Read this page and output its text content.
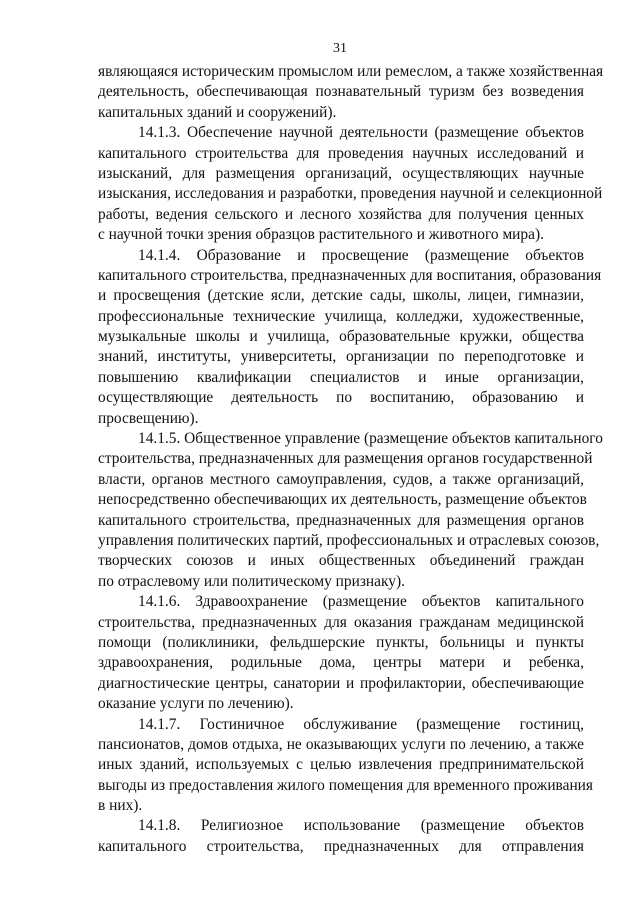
31
являющаяся историческим промыслом или ремеслом, а также хозяйственная
деятельность, обеспечивающая познавательный туризм без возведения
капитальных зданий и сооружений).
14.1.3. Обеспечение научной деятельности (размещение объектов
капитального строительства для проведения научных исследований и
изысканий, для размещения организаций, осуществляющих научные
изыскания, исследования и разработки, проведения научной и селекционной
работы, ведения сельского и лесного хозяйства для получения ценных
с научной точки зрения образцов растительного и животного мира).
14.1.4. Образование и просвещение (размещение объектов
капитального строительства, предназначенных для воспитания, образования
и просвещения (детские ясли, детские сады, школы, лицеи, гимназии,
профессиональные технические училища, колледжи, художественные,
музыкальные школы и училища, образовательные кружки, общества
знаний, институты, университеты, организации по переподготовке и
повышению квалификации специалистов и иные организации,
осуществляющие деятельность по воспитанию, образованию и
просвещению).
14.1.5. Общественное управление (размещение объектов капитального
строительства, предназначенных для размещения органов государственной
власти, органов местного самоуправления, судов, а также организаций,
непосредственно обеспечивающих их деятельность, размещение объектов
капитального строительства, предназначенных для размещения органов
управления политических партий, профессиональных и отраслевых союзов,
творческих союзов и иных общественных объединений граждан
по отраслевому или политическому признаку).
14.1.6. Здравоохранение (размещение объектов капитального
строительства, предназначенных для оказания гражданам медицинской
помощи (поликлиники, фельдшерские пункты, больницы и пункты
здравоохранения, родильные дома, центры матери и ребенка,
диагностические центры, санатории и профилактории, обеспечивающие
оказание услуги по лечению).
14.1.7. Гостиничное обслуживание (размещение гостиниц,
пансионатов, домов отдыха, не оказывающих услуги по лечению, а также
иных зданий, используемых с целью извлечения предпринимательской
выгоды из предоставления жилого помещения для временного проживания
в них).
14.1.8. Религиозное использование (размещение объектов
капитального строительства, предназначенных для отправления
